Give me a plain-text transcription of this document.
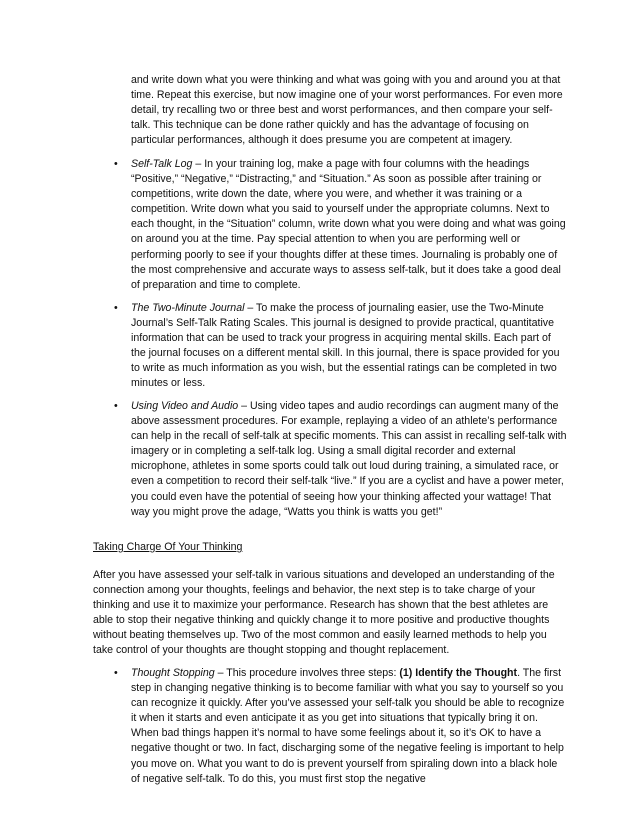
and write down what you were thinking and what was going with you and around you at that time. Repeat this exercise, but now imagine one of your worst performances. For even more detail, try recalling two or three best and worst performances, and then compare your self-talk. This technique can be done rather quickly and has the advantage of focusing on particular performances, although it does presume you are competent at imagery.

• Self-Talk Log – In your training log, make a page with four columns with the headings “Positive,” “Negative,” “Distracting,” and “Situation.” As soon as possible after training or competitions, write down the date, where you were, and whether it was training or a competition. Write down what you said to yourself under the appropriate columns. Next to each thought, in the “Situation” column, write down what you were doing and what was going on around you at the time. Pay special attention to when you are performing well or performing poorly to see if your thoughts differ at these times. Journaling is probably one of the most comprehensive and accurate ways to assess self-talk, but it does take a good deal of preparation and time to complete.

• The Two-Minute Journal – To make the process of journaling easier, use the Two-Minute Journal’s Self-Talk Rating Scales. This journal is designed to provide practical, quantitative information that can be used to track your progress in acquiring mental skills. Each part of the journal focuses on a different mental skill. In this journal, there is space provided for you to write as much information as you wish, but the essential ratings can be completed in two minutes or less.

• Using Video and Audio – Using video tapes and audio recordings can augment many of the above assessment procedures. For example, replaying a video of an athlete’s performance can help in the recall of self-talk at specific moments. This can assist in recalling self-talk with imagery or in completing a self-talk log. Using a small digital recorder and external microphone, athletes in some sports could talk out loud during training, a simulated race, or even a competition to record their self-talk “live.” If you are a cyclist and have a power meter, you could even have the potential of seeing how your thinking affected your wattage! That way you might prove the adage, “Watts you think is watts you get!”

Taking Charge Of Your Thinking

After you have assessed your self-talk in various situations and developed an understanding of the connection among your thoughts, feelings and behavior, the next step is to take charge of your thinking and use it to maximize your performance. Research has shown that the best athletes are able to stop their negative thinking and quickly change it to more positive and productive thoughts without beating themselves up. Two of the most common and easily learned methods to help you take control of your thoughts are thought stopping and thought replacement.

• Thought Stopping – This procedure involves three steps: (1) Identify the Thought. The first step in changing negative thinking is to become familiar with what you say to yourself so you can recognize it quickly. After you’ve assessed your self-talk you should be able to recognize it when it starts and even anticipate it as you get into situations that typically bring it on. When bad things happen it’s normal to have some feelings about it, so it’s OK to have a negative thought or two. In fact, discharging some of the negative feeling is important to help you move on. What you want to do is prevent yourself from spiraling down into a black hole of negative self-talk. To do this, you must first stop the negative
